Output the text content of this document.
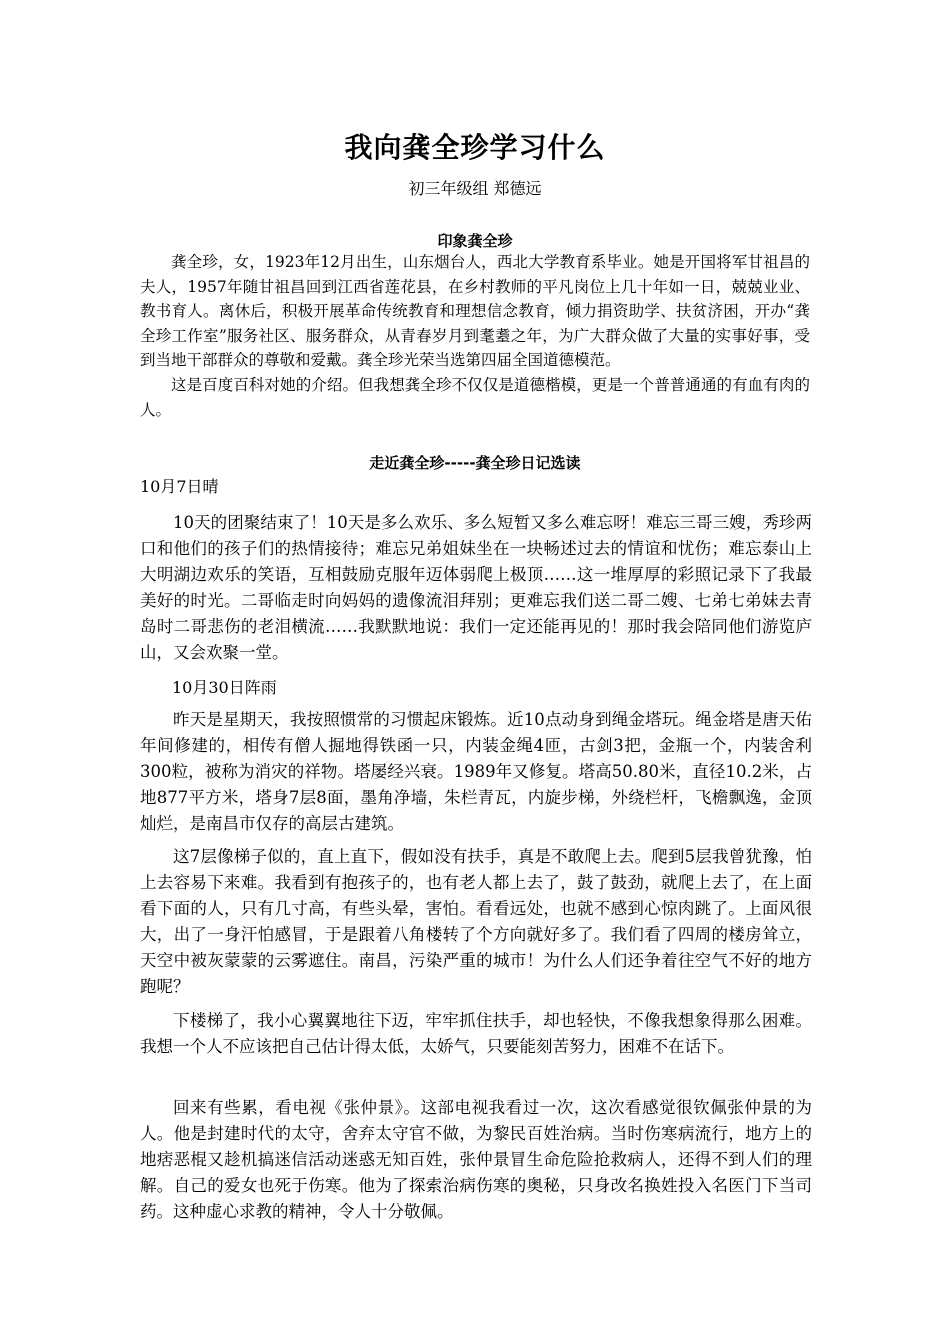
我向龚全珍学习什么
初三年级组 郑德远
印象龚全珍

龚全珍，女，1923年12月出生，山东烟台人，西北大学教育系毕业。她是开国将军甘祖昌的夫人，1957年随甘祖昌回到江西省莲花县，在乡村教师的平凡岗位上几十年如一日，兢兢业业、教书育人。离休后，积极开展革命传统教育和理想信念教育，倾力捐资助学、扶贫济困，开办“龚全珍工作室”服务社区、服务群众，从青春岁月到耄耋之年，为广大群众做了大量的实事好事，受到当地干部群众的尊敬和爱戴。龚全珍光荣当选第四届全国道德模范。

这是百度百科对她的介绍。但我想龚全珍不仅仅是道德楷模，更是一个普普通通的有血有肉的人。

走近龚全珍-----龚全珍日记选读
10月7日晴

10天的团聚结束了！10天是多么欢乐、多么短暂又多么难忘呀！难忘三哥三嫂，秀珍两口和他们的孩子们的热情接待；难忘兄弟姐妹坐在一块畅述过去的情谊和忧伤；难忘泰山上大明湖边欢乐的笑语，互相鼓励克服年迈体弱爬上极顶……这一堆厚厚的彩照记录下了我最美好的时光。二哥临走时向妈妈的遗像流泪拜别；更难忘我们送二哥二嫂、七弟七弟妹去青岛时二哥悲伤的老泪横流……我默默地说：我们一定还能再见的！那时我会陪同他们游览庐山，又会欢聚一堂。

10月30日阵雨

昨天是星期天，我按照惯常的习惯起床锻炼。近10点动身到绳金塔玩。绳金塔是唐天佑年间修建的，相传有僧人掘地得铁函一只，内装金绳4匝，古剑3把，金瓶一个，内装舍利300粒，被称为消灾的祥物。塔屡经兴衰。1989年又修复。塔高50.80米，直径10.2米，占地877平方米，塔身7层8面，墨角净墙，朱栏青瓦，内旋步梯，外绕栏杆，飞檐飘逸，金顶灿烂，是南昌市仅存的高层古建筑。

这7层像梯子似的，直上直下，假如没有扶手，真是不敢爬上去。爬到5层我曾犹豫，怕上去容易下来难。我看到有抱孩子的，也有老人都上去了，鼓了鼓劲，就爬上去了，在上面看下面的人，只有几寸高，有些头晕，害怕。看看远处，也就不感到心惊肉跳了。上面风很大，出了一身汗怕感冒，于是跟着八角楼转了个方向就好多了。我们看了四周的楼房耸立，天空中被灰蒙蒙的云雾遮住。南昌，污染严重的城市！为什么人们还争着往空气不好的地方跑呢？

下楼梯了，我小心翼翼地往下迈，牢牢抓住扶手，却也轻快，不像我想象得那么困难。我想一个人不应该把自己估计得太低，太娇气，只要能刻苦努力，困难不在话下。

回来有些累，看电视《张仲景》。这部电视我看过一次，这次看感觉很钦佩张仲景的为人。他是封建时代的太守，舍弃太守官不做，为黎民百姓治病。当时伤寒病流行，地方上的地痞恶棍又趁机搞迷信活动迷惑无知百姓，张仲景冒生命危险抢救病人，还得不到人们的理解。自己的爱女也死于伤寒。他为了探索治病伤寒的奥秘，只身改名换姓投入名医门下当司药。这种虚心求教的精神，令人十分敬佩。
